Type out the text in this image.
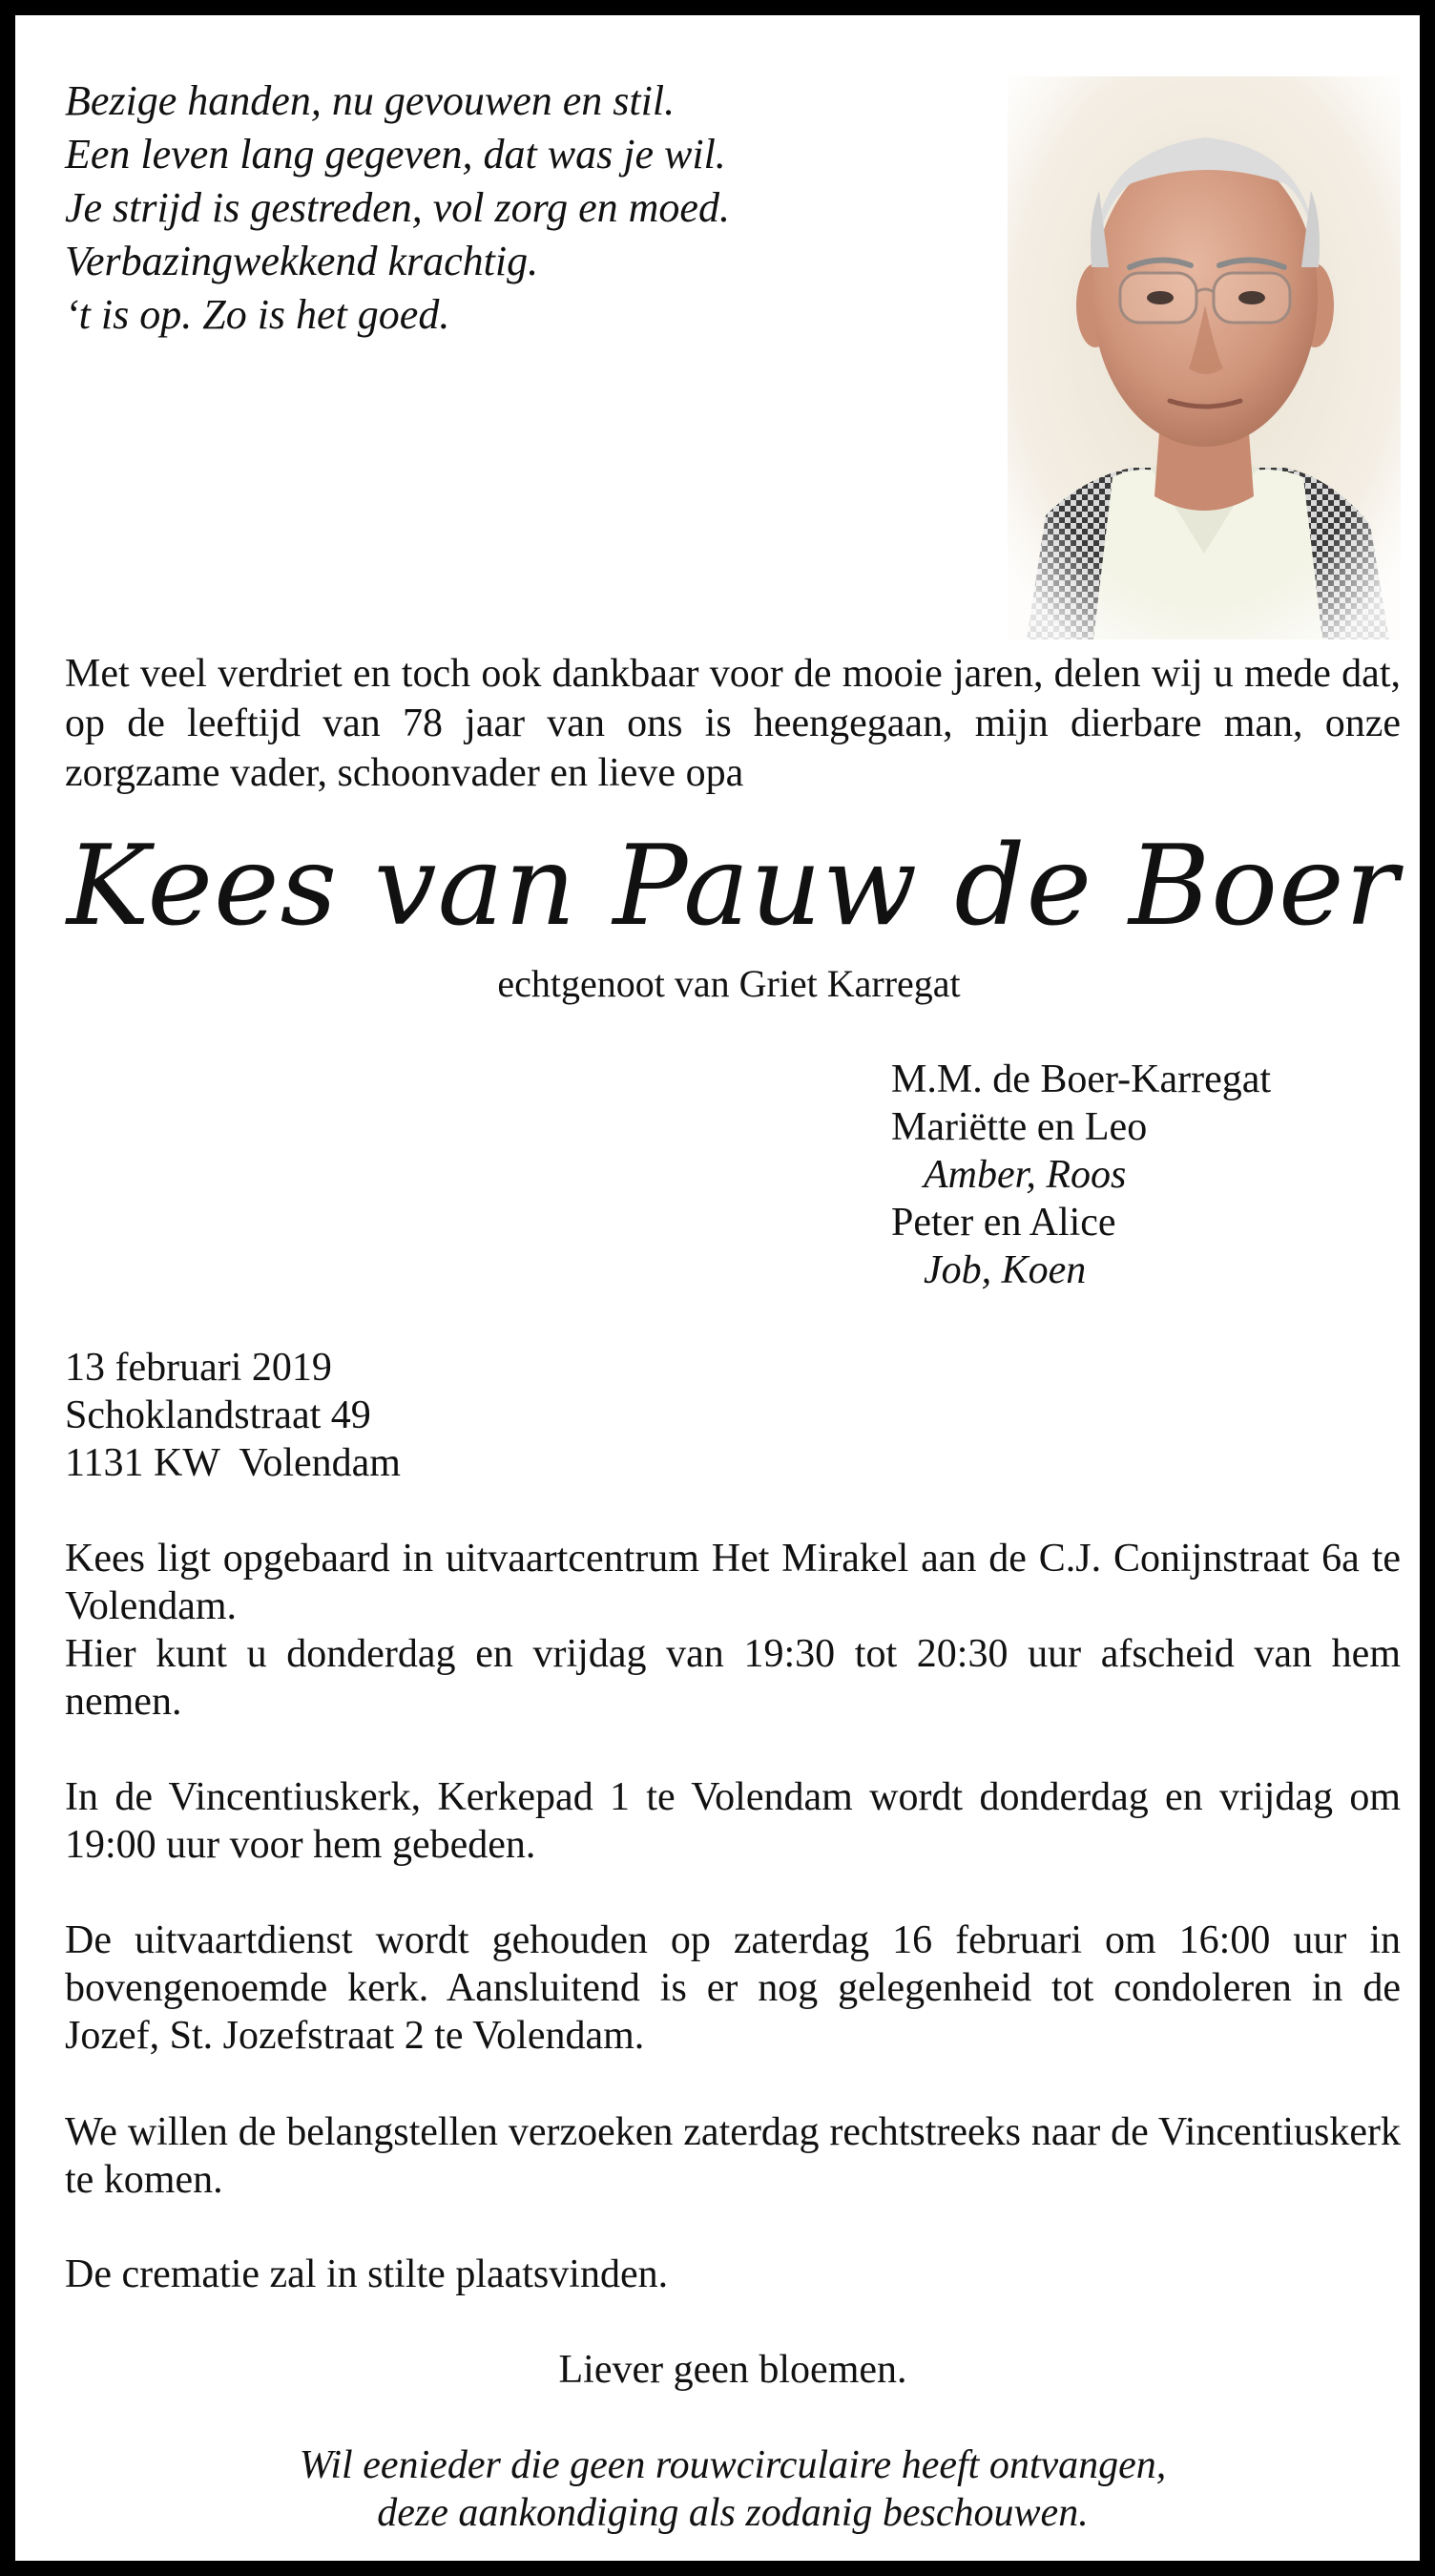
Bezige handen, nu gevouwen en stil.
Een leven lang gegeven, dat was je wil.
Je strijd is gestreden, vol zorg en moed.
Verbazingwekkend krachtig.
‘t is op. Zo is het goed.
Met veel verdriet en toch ook dankbaar voor de mooie jaren, delen wij u mede dat, op de leeftijd van 78 jaar van ons is heengegaan, mijn dierbare man, onze zorgzame vader, schoonvader en lieve opa
Kees van Pauw de Boer
echtgenoot van Griet Karregat
M.M. de Boer-Karregat
Mariëtte en Leo
Amber, Roos
Peter en Alice
Job, Koen
13 februari 2019
Schoklandstraat 49
1131 KW  Volendam
Kees ligt opgebaard in uitvaartcentrum Het Mirakel aan de C.J. Conijnstraat 6a te Volendam.
Hier kunt u donderdag en vrijdag van 19:30 tot 20:30 uur afscheid van hem nemen.
In de Vincentiuskerk, Kerkepad 1 te Volendam wordt donderdag en vrijdag om 19:00 uur voor hem gebeden.
De uitvaartdienst wordt gehouden op zaterdag 16 februari om 16:00 uur in bovengenoemde kerk. Aansluitend is er nog gelegenheid tot condoleren in de Jozef, St. Jozefstraat 2 te Volendam.
We willen de belangstellen verzoeken zaterdag rechtstreeks naar de Vincentiuskerk te komen.
De crematie zal in stilte plaatsvinden.
Liever geen bloemen.
Wil eenieder die geen rouwcirculaire heeft ontvangen,
deze aankondiging als zodanig beschouwen.
